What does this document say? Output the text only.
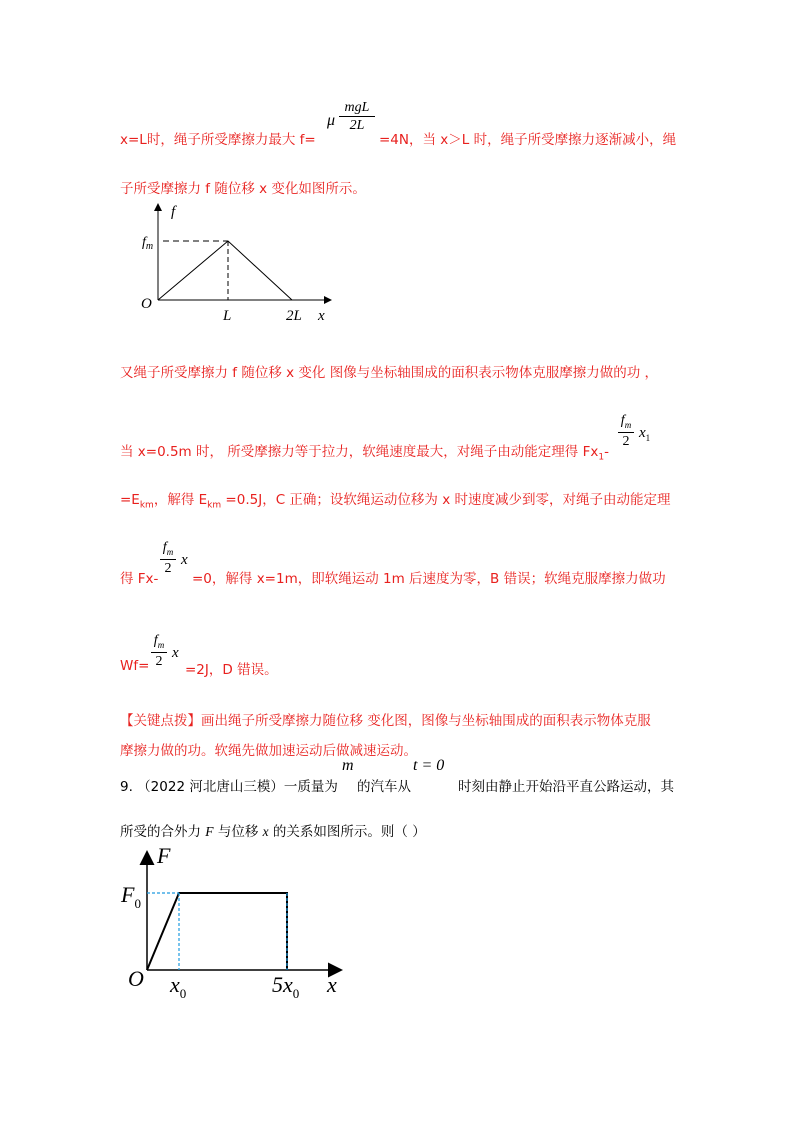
x=L时，绳子所受摩擦力最大 f=
μ
mgL
2L
=4N，当 x＞L 时，绳子所受摩擦力逐渐减小，绳
子所受摩擦力 f 随位移 x 变化如图所示。
f
$f_m$
O
L	2L x
又绳子所受摩擦力 f 随位移 x 变化 图像与坐标轴围成的面积表示物体克服摩擦力做的功 ，
当 x=0.5m 时， 所受摩擦力等于拉力，软绳速度最大，对绳子由动能定理得 $Fx_1-$
$f_m$
2
$x_1$
$=E_{km}$，解得 $E_{km} =0.5J$，C 正确；设软绳运动位移为 x 时速度减少到零，对绳子由动能定理
得 Fx-
$f_m$
2
x
=0，解得 x=1m，即软绳运动 1m 后速度为零，B 错误；软绳克服摩擦力做功
Wf=
$f_m$
2
x
=2J，D 错误。
【关键点拨】画出绳子所受摩擦力随位移 变化图，图像与坐标轴围成的面积表示物体克服
摩擦力做的功。软绳先做加速运动后做减速运动。
9. （2022 河北唐山三模）一质量为
m
的汽车从
t = 0
时刻由静止开始沿平直公路运动，其
所受的合外力 F 与位移 x 的关系如图所示。则（ ）
F
$F_0$
O $x_0$	$5x_0$ x
